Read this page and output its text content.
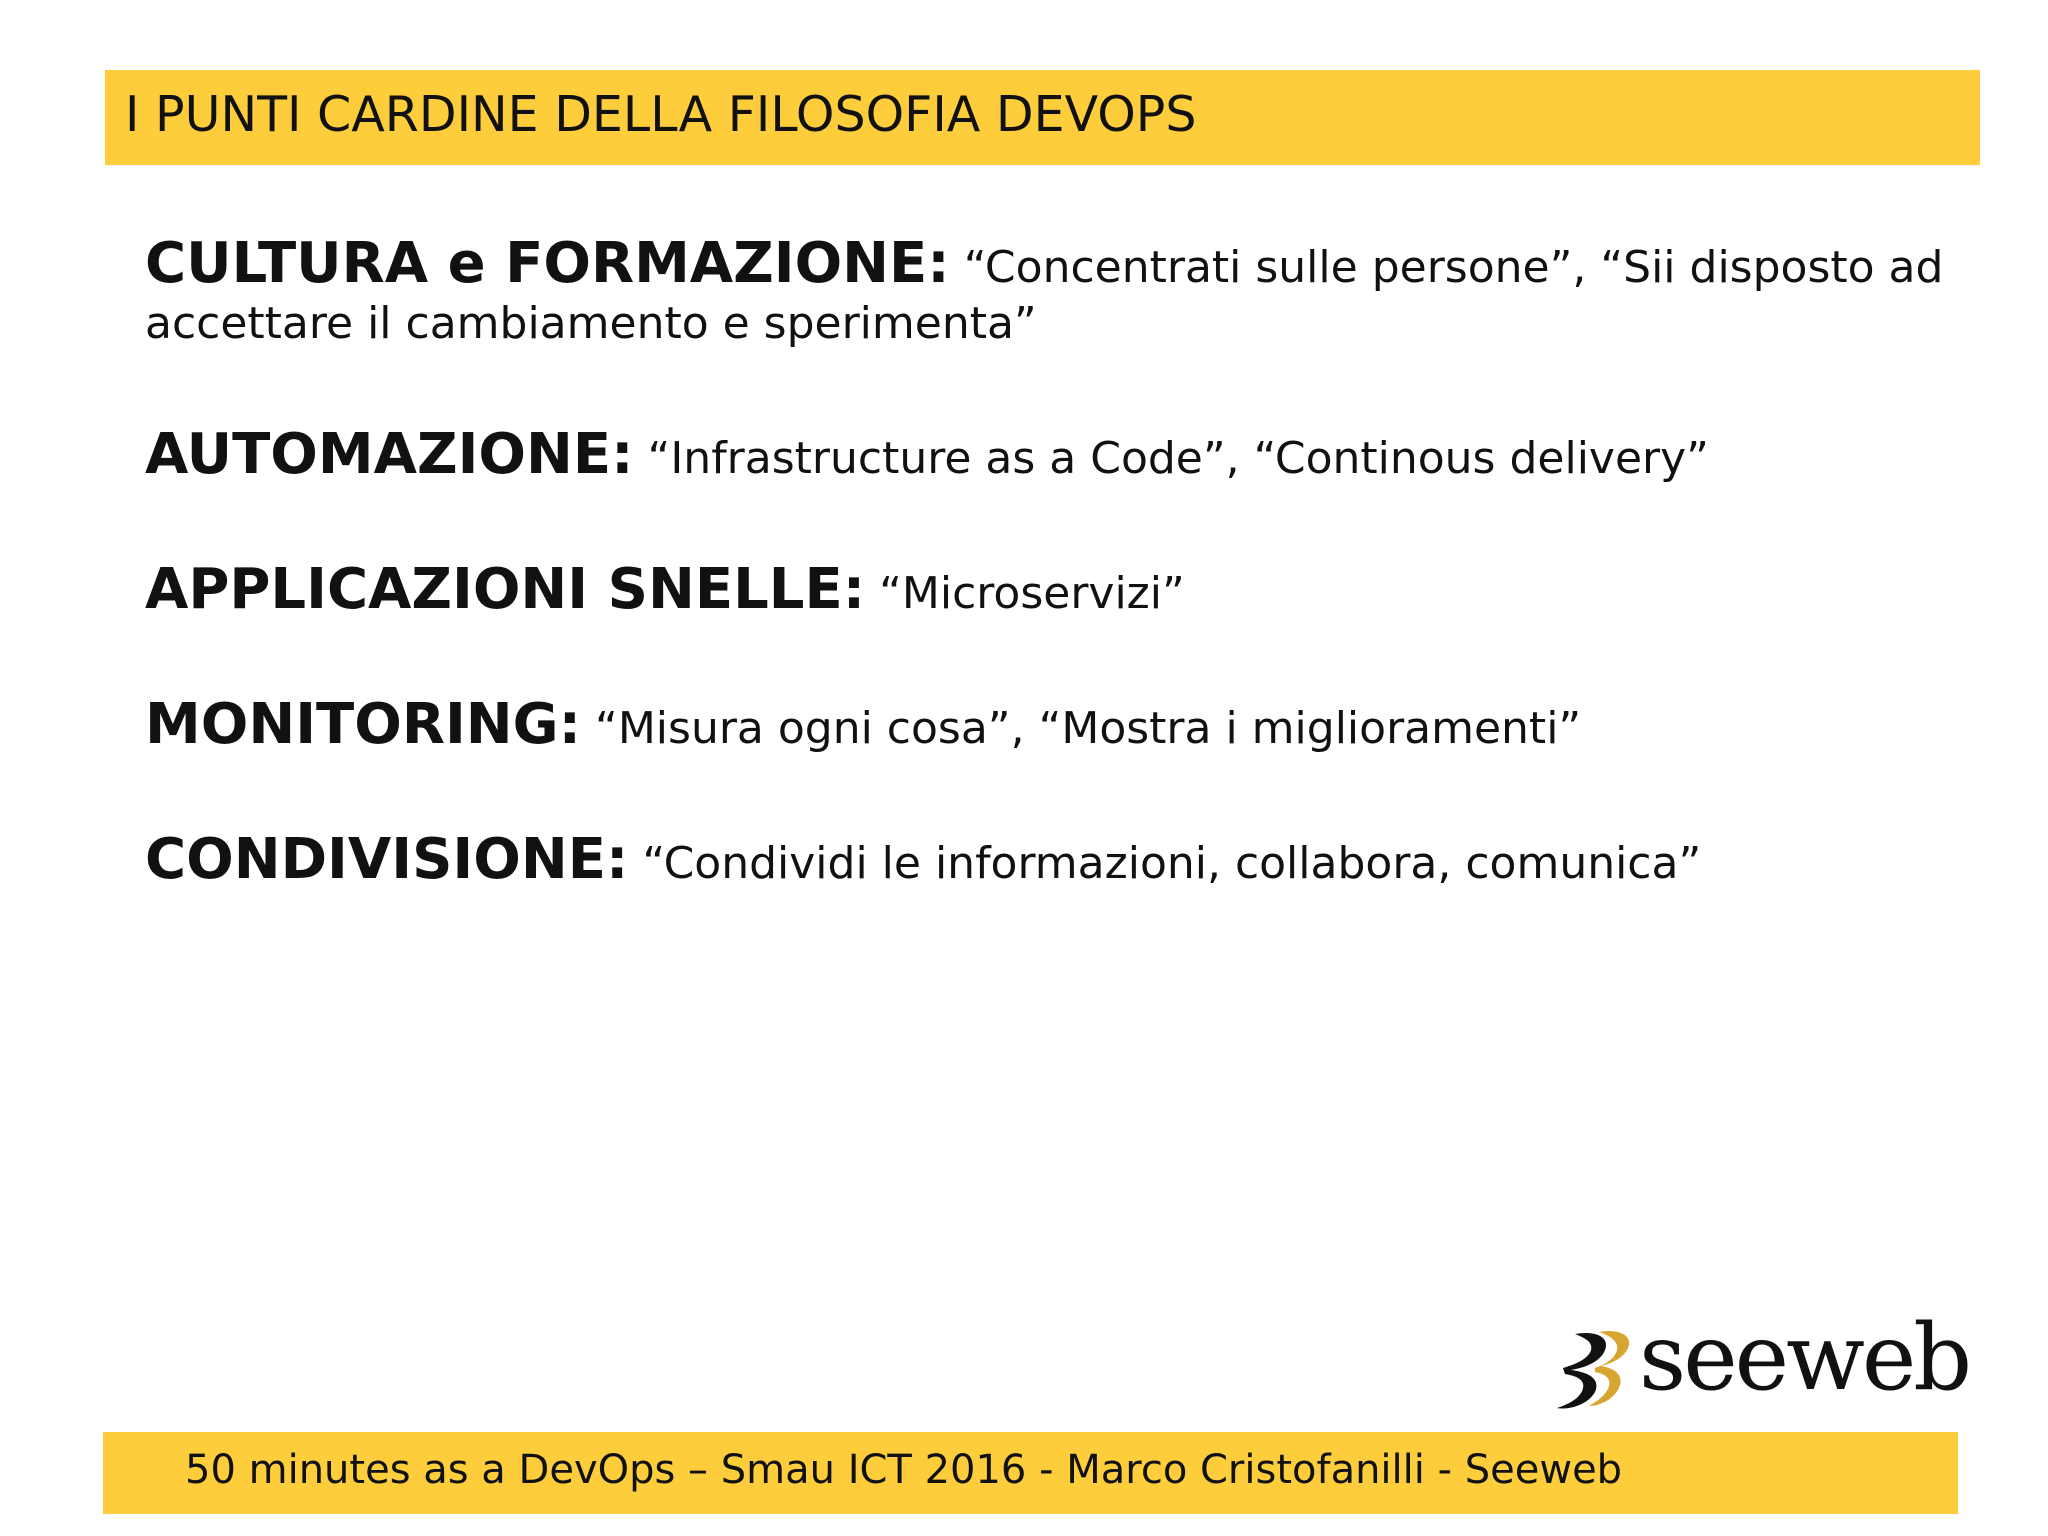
I PUNTI CARDINE DELLA FILOSOFIA DEVOPS
CULTURA e FORMAZIONE: “Concentrati sulle persone”, “Sii disposto ad accettare il cambiamento e sperimenta”
AUTOMAZIONE: “Infrastructure as a Code”, “Continous delivery”
APPLICAZIONI SNELLE: “Microservizi”
MONITORING: “Misura ogni cosa”, “Mostra i miglioramenti”
CONDIVISIONE: “Condividi le informazioni, collabora, comunica”
seeweb
50 minutes as a DevOps – Smau ICT 2016 - Marco Cristofanilli - Seeweb
